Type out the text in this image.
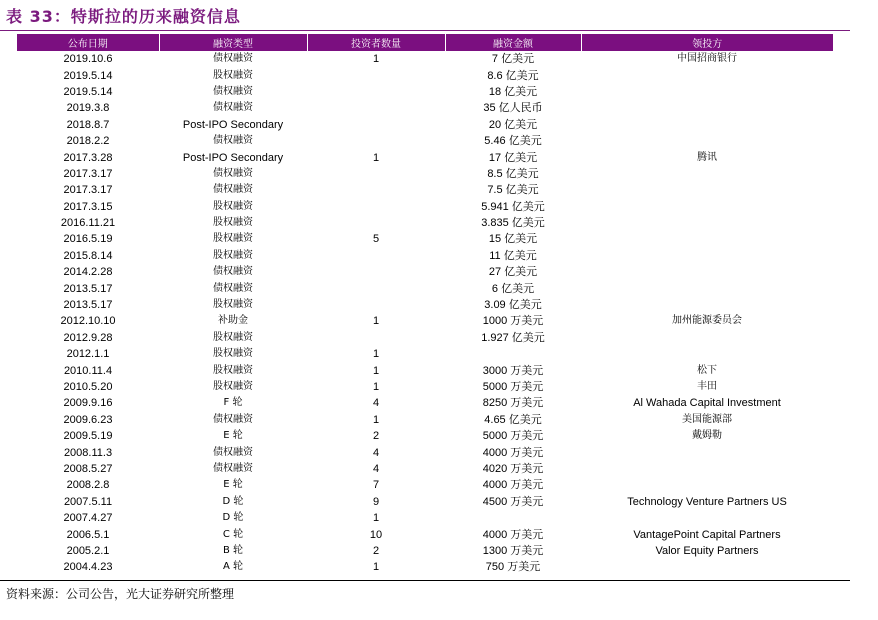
表 33：特斯拉的历来融资信息
公布日期	融资类型	投资者数量	融资金额	领投方
2019.10.6	债权融资	1	7 亿美元	中国招商银行
2019.5.14	股权融资		8.6 亿美元	
2019.5.14	债权融资		18 亿美元	
2019.3.8	债权融资		35 亿人民币	
2018.8.7	Post-IPO Secondary		20 亿美元	
2018.2.2	债权融资		5.46 亿美元	
2017.3.28	Post-IPO Secondary	1	17 亿美元	腾讯
2017.3.17	债权融资		8.5 亿美元	
2017.3.17	债权融资		7.5 亿美元	
2017.3.15	股权融资		5.941 亿美元	
2016.11.21	股权融资		3.835 亿美元	
2016.5.19	股权融资	5	15 亿美元	
2015.8.14	股权融资		11 亿美元	
2014.2.28	债权融资		27 亿美元	
2013.5.17	债权融资		6 亿美元	
2013.5.17	股权融资		3.09 亿美元	
2012.10.10	补助金	1	1000 万美元	加州能源委员会
2012.9.28	股权融资		1.927 亿美元	
2012.1.1	股权融资	1		
2010.11.4	股权融资	1	3000 万美元	松下
2010.5.20	股权融资	1	5000 万美元	丰田
2009.9.16	F 轮	4	8250 万美元	Al Wahada Capital Investment
2009.6.23	债权融资	1	4.65 亿美元	美国能源部
2009.5.19	E 轮	2	5000 万美元	戴姆勒
2008.11.3	债权融资	4	4000 万美元	
2008.5.27	债权融资	4	4020 万美元	
2008.2.8	E 轮	7	4000 万美元	
2007.5.11	D 轮	9	4500 万美元	Technology Venture Partners US
2007.4.27	D 轮	1		
2006.5.1	C 轮	10	4000 万美元	VantagePoint Capital Partners
2005.2.1	B 轮	2	1300 万美元	Valor Equity Partners
2004.4.23	A 轮	1	750 万美元	
资料来源：公司公告，光大证券研究所整理
